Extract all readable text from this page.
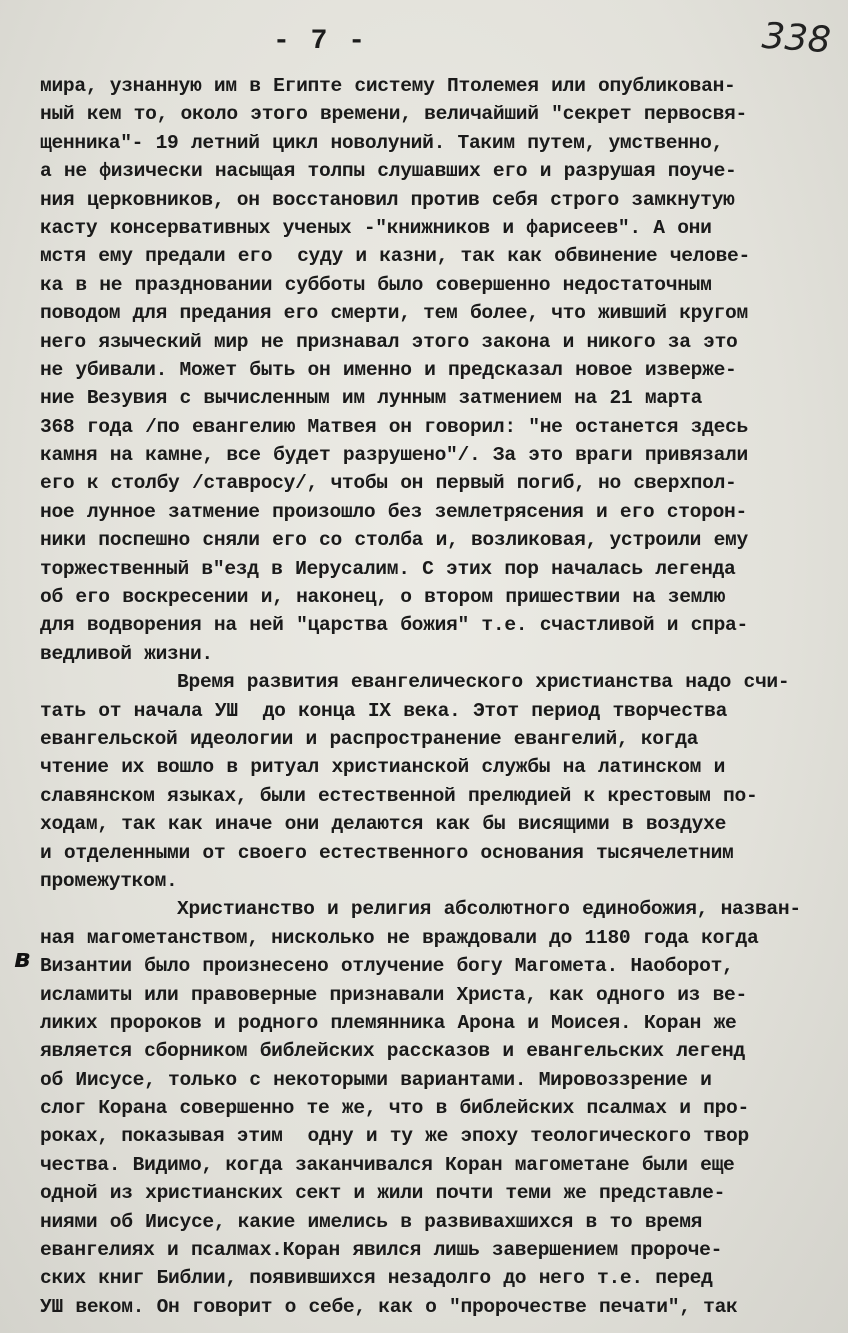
- 7 -	338
в
мира, узнанную им в Египте систему Птолемея или опубликован-
ный кем то, около этого времени, величайший "секрет первосвя-
щенника"- 19 летний цикл новолуний. Таким путем, умственно,
а не физически насыщая толпы слушавших его и разрушая поуче-
ния церковников, он восстановил против себя строго замкнутую
касту консервативных ученых -"книжников и фарисеев". А они
мстя ему предали его  суду и казни, так как обвинение челове-
ка в не праздновании субботы было совершенно недостаточным
поводом для предания его смерти, тем более, что живший кругом
него языческий мир не признавал этого закона и никого за это
не убивали. Может быть он именно и предсказал новое изверже-
ние Везувия с вычисленным им лунным затмением на 21 марта
368 года /по евангелию Матвея он говорил: "не останется здесь
камня на камне, все будет разрушено"/. За это враги привязали
его к столбу /ставросу/, чтобы он первый погиб, но сверхпол-
ное лунное затмение произошло без землетрясения и его сторон-
ники поспешно сняли его со столба и, возликовая, устроили ему
торжественный в"езд в Иерусалим. С этих пор началась легенда
об его воскресении и, наконец, о втором пришествии на землю
для водворения на ней "царства божия" т.е. счастливой и спра-
ведливой жизни.
Время развития евангелического христианства надо счи-
тать от начала УШ  до конца IX века. Этот период творчества
евангельской идеологии и распространение евангелий, когда
чтение их вошло в ритуал христианской службы на латинском и
славянском языках, были естественной прелюдией к крестовым по-
ходам, так как иначе они делаются как бы висящими в воздухе
и отделенными от своего естественного основания тысячелетним
промежутком.
Христианство и религия абсолютного единобожия, назван-
ная магометанством, нисколько не враждовали до 1180 года когда
Византии было произнесено отлучение богу Магомета. Наоборот,
исламиты или правоверные признавали Христа, как одного из ве-
ликих пророков и родного племянника Арона и Моисея. Коран же
является сборником библейских рассказов и евангельских легенд
об Иисусе, только с некоторыми вариантами. Мировоззрение и
слог Корана совершенно те же, что в библейских псалмах и про-
роках, показывая этим  одну и ту же эпоху теологического твор
чества. Видимо, когда заканчивался Коран магометане были еще
одной из христианских сект и жили почти теми же представле-
ниями об Иисусе, какие имелись в развивахшихся в то время
евангелиях и псалмах.Коран явился лишь завершением пророче-
ских книг Библии, появившихся незадолго до него т.е. перед
УШ веком. Он говорит о себе, как о "пророчестве печати", так
